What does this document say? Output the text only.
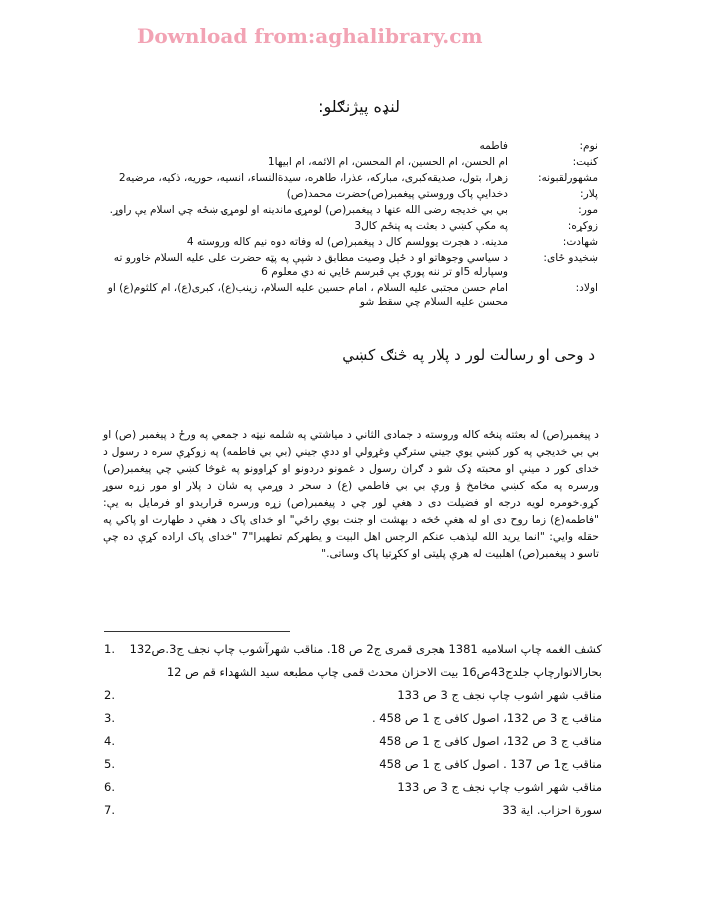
Download from:aghalibrary.cm
لنډه پيژنګلو:
نوم:
فاطمه
كنيت:
ام الحسن، ام الحسين، ام المحسن، ام الائمه، ام ابيها1
مشهورلقبونه:
زهرا، بتول، صديقه‌كبرى، مباركه، عذرا، طاهره، سيدة‌النساء، انسيه، حوريه، ذكيه، مرضيه2
پلار:
دخدايې پاک وروستي پيغمبر(ص)حضرت محمد(ص)
مور:
بي بي خديجه رضى الله عنها د پيغمبر(ص) لومړۍ ماندينه او لومړۍ ښځه چي اسلام يې راوړ.
زوکړه:
په مكې كښي د بعثت په پنځم كال3
شهادت:
مدينه. د هجرت يوولسم كال د پيغمبر(ص) له وفاته دوه نيم كاله وروسته 4
ښخيدو ځاى:
د سياسي وجوهاتو او د ځېل وصيت مطابق د شپې په پټه حضرت على عليه السلام خاورو ته وسپارله 5او تر ننه پورې يې قبرسم ځايي نه دي معلوم 6
اولاد:
امام حسن مجتبى عليه السلام ، امام حسين عليه السلام، زينب(ع)، كبرى(ع)، ام كلثوم(ع) او محسن عليه السلام چي سقط شو
د وحی او رسالت لور د پلار په څنګ کښي
د پيغمبر(ص) له بعثته پنځه كاله وروسته د جمادی الثاني د مياشتي په شلمه نيټه د جمعي په ورځ د پيغمبر (ص) او بي بي خديجي په كور كښي يوي جيني سترګې وغړولي او ددې جيني (بي بي فاطمه) په زوكړې سره د رسول د خداى كور د مينې او محبته ډک شو د ګران رسول د غمونو دردونو او كړاوونو په غوڅا كښي چي پيغمبر(ص) ورسره په مكه كښي مخامخ ؤ ورې بي بي فاطمي (ع) د سحر د وړمې په شان د پلار او مور زړه سوړ كړو.خومره لويه درجه او فضيلت دی د هغې لور چي د پيغمبر(ص) زړه ورسره قراريدو او فرمايل به يې: "فاطمه(ع) زما روح دى او له هغې ځخه د بهشت او جنت بوي راځي" او خداى پاک د هغې د طهارت او پاكي په حقله وايي: "انما يريد الله ليذهب عنكم الرجس اهل البيت و يطهركم تطهيرا"7 "خداى پاک اراده كړې ده چې تاسو د پيغمبر(ص) اهلبيت له هرې پليتى او ككړتيا پاک وساتى."
1.	كشف الغمه چاپ اسلاميه 1381 هجرى قمرى ج2 ص 18. مناقب شهرآشوب چاپ نجف ج3.ص132 بحارالانوارچاپ جلدج43ص16 بيت الاحزان محدث قمى چاپ مطبعه سيد الشهداء قم ص 12
2.	مناقب شهر اشوب چاپ نجف ج 3 ص 133
3.	مناقب ج 3 ص 132، اصول كافى ج 1 ص 458 .
4.	مناقب ج 3 ص 132، اصول كافى ج 1 ص 458
5.	مناقب ج1 ص 137 . اصول كافى ج 1 ص 458
6.	مناقب شهر اشوب چاپ نجف ج 3 ص 133
7.	سورة احزاب. اية 33
